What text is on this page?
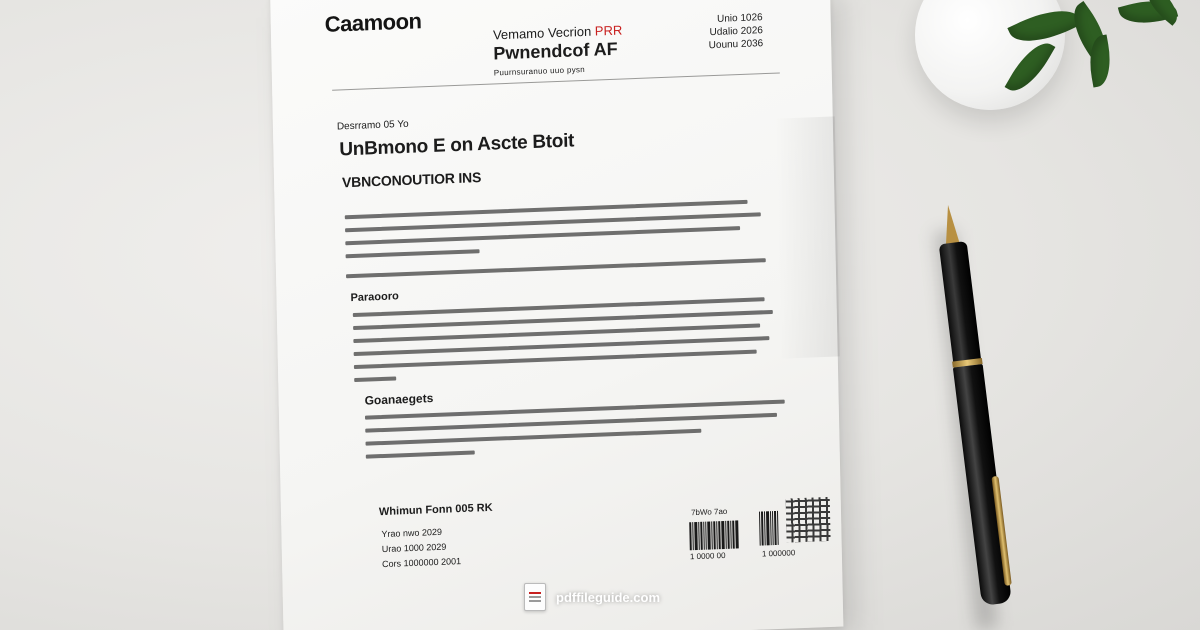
Caamoon	Vemamo Vecrion PRR
Pwnendcof AF
Puurnsuranuo uuo pysn
Unio 1026
Udalio 2026
Uounu 2036
Desrramo 05 Yo
UnBmono E on Ascte Btoit
VBNCONOUTIOR INS
Paraooro
Goanaegets
Whimun Fonn 005 RK
Yrao nwo 2029
Urao 1000 2029
Cors 1000000 2001
7bWo 7ao
1 0000 00	1 000000
pdffileguide.com
